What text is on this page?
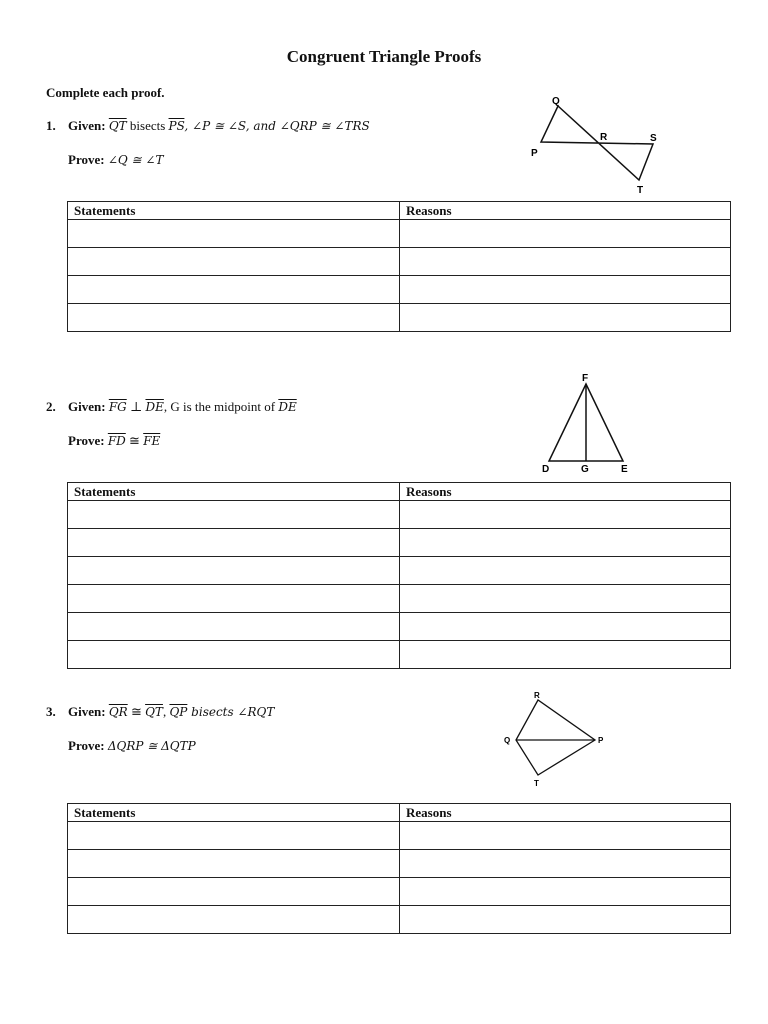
Congruent Triangle Proofs
Complete each proof.
1. Given: $\overline{QT}$ bisects $\overline{PS}$, ∠P ≅ ∠S, and ∠QRP ≅ ∠TRS
Prove: ∠Q ≅ ∠T
Q
R	S
P
T
Statements	Reasons

2. Given: $\overline{FG}$ ⊥ $\overline{DE}$, G is the midpoint of $\overline{DE}$
Prove: $\overline{FD}$ ≅ $\overline{FE}$
F
D	G	E
Statements	Reasons

3. Given: $\overline{QR}$ ≅ $\overline{QT}$, $\overline{QP}$ bisects ∠RQT
Prove: ΔQRP ≅ ΔQTP
R
Q	P
T
Statements	Reasons
